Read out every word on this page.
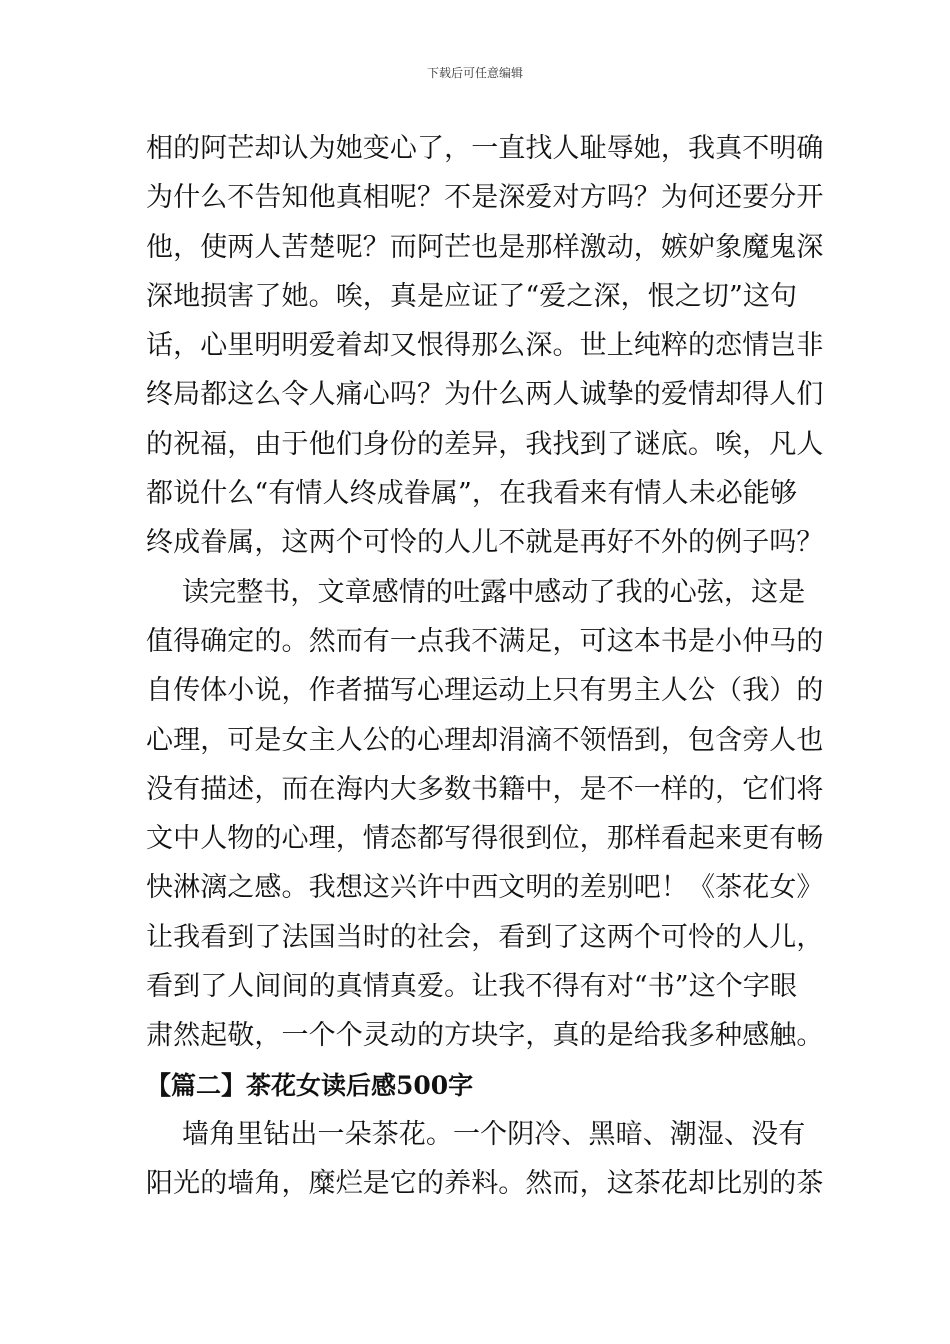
下载后可任意编辑

相的阿芒却认为她变心了，一直找人耻辱她，我真不明确
为什么不告知他真相呢？不是深爱对方吗？为何还要分开
他，使两人苦楚呢？而阿芒也是那样激动，嫉妒象魔鬼深
深地损害了她。唉，真是应证了“爱之深，恨之切”这句
话，心里明明爱着却又恨得那么深。世上纯粹的恋情岂非
终局都这么令人痛心吗？为什么两人诚挚的爱情却得人们
的祝福，由于他们身份的差异，我找到了谜底。唉，凡人
都说什么“有情人终成眷属”，在我看来有情人未必能够
终成眷属，这两个可怜的人儿不就是再好不外的例子吗？

读完整书，文章感情的吐露中感动了我的心弦，这是
值得确定的。然而有一点我不满足，可这本书是小仲马的
自传体小说，作者描写心理运动上只有男主人公（我）的
心理，可是女主人公的心理却涓滴不领悟到，包含旁人也
没有描述，而在海内大多数书籍中，是不一样的，它们将
文中人物的心理，情态都写得很到位，那样看起来更有畅
快淋漓之感。我想这兴许中西文明的差别吧！《茶花女》
让我看到了法国当时的社会，看到了这两个可怜的人儿，
看到了人间间的真情真爱。让我不得有对“书”这个字眼
肃然起敬，一个个灵动的方块字，真的是给我多种感触。

【篇二】茶花女读后感500字

墙角里钻出一朵茶花。一个阴冷、黑暗、潮湿、没有
阳光的墙角，糜烂是它的养料。然而，这茶花却比别的茶
